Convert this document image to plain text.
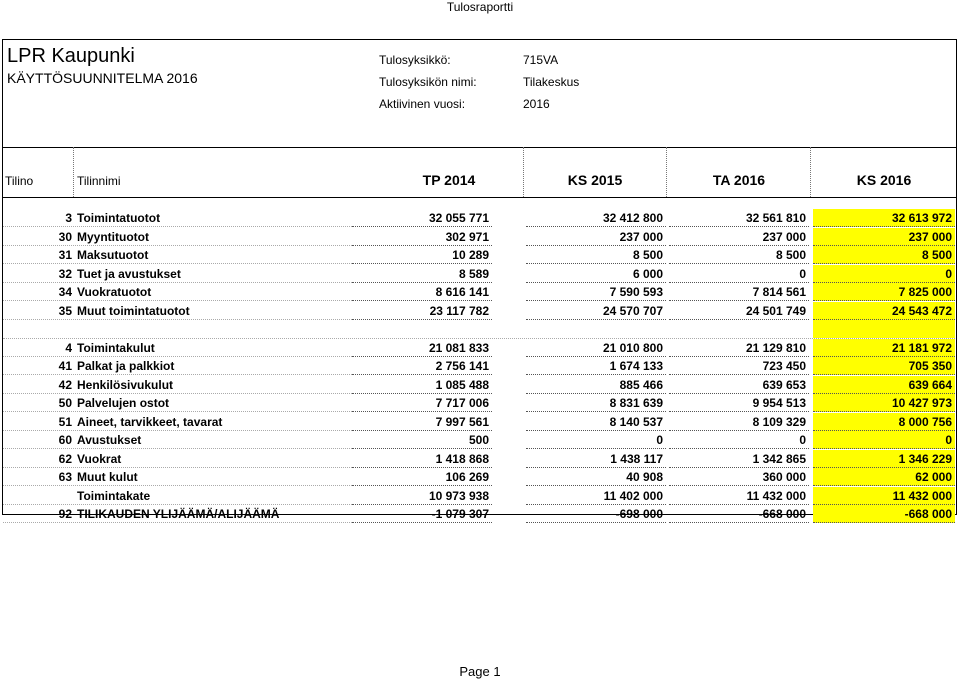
Tulosraportti
LPR Kaupunki
KÄYTTÖSUUNNITELMA 2016
Tulosyksikkö:	715VA
Tulosyksikön nimi:	Tilakeskus
Aktiivinen vuosi:	2016
Tilino	Tilinnimi	TP 2014	KS 2015	TA 2016	KS 2016
3 Toimintatuotot	32 055 771	32 412 800	32 561 810	32 613 972
30 Myyntituotot	302 971	237 000	237 000	237 000
31 Maksutuotot	10 289	8 500	8 500	8 500
32 Tuet ja avustukset	8 589	6 000	0	0
34 Vuokratuotot	8 616 141	7 590 593	7 814 561	7 825 000
35 Muut toimintatuotot	23 117 782	24 570 707	24 501 749	24 543 472
4 Toimintakulut	21 081 833	21 010 800	21 129 810	21 181 972
41 Palkat ja palkkiot	2 756 141	1 674 133	723 450	705 350
42 Henkilösivukulut	1 085 488	885 466	639 653	639 664
50 Palvelujen ostot	7 717 006	8 831 639	9 954 513	10 427 973
51 Aineet, tarvikkeet, tavarat	7 997 561	8 140 537	8 109 329	8 000 756
60 Avustukset	500	0	0	0
62 Vuokrat	1 418 868	1 438 117	1 342 865	1 346 229
63 Muut kulut	106 269	40 908	360 000	62 000
Toimintakate	10 973 938	11 402 000	11 432 000	11 432 000
92 TILIKAUDEN YLIJÄÄMÄ/ALIJÄÄMÄ	-1 079 307	-698 000	-668 000	-668 000
Page 1
